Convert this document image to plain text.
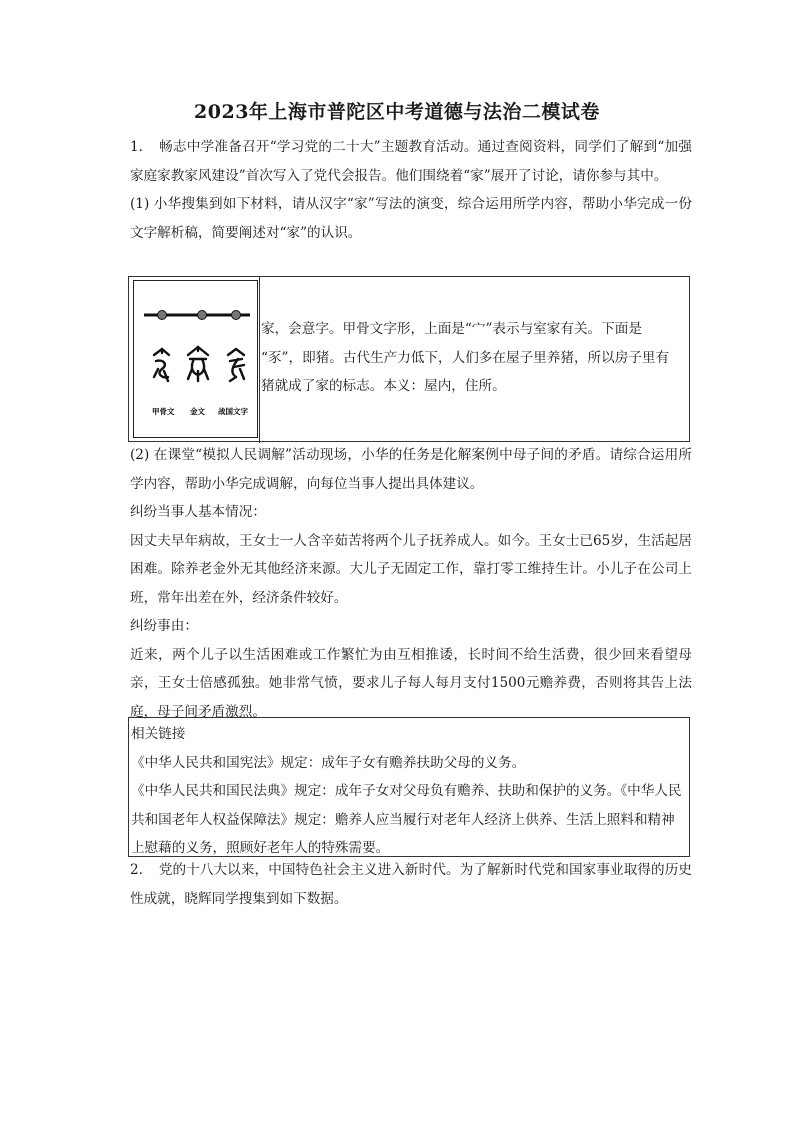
2023年上海市普陀区中考道德与法治二模试卷

1. 畅志中学准备召开“学习党的二十大”主题教育活动。通过查阅资料，同学们了解到“加强家庭家教家风建设”首次写入了党代会报告。他们围绕着“家”展开了讨论，请你参与其中。

(1) 小华搜集到如下材料，请从汉字“家”写法的演变，综合运用所学内容，帮助小华完成一份文字解析稿，简要阐述对“家”的认识。

甲骨文 金文 战国文字
家，会意字。甲骨文字形，上面是“宀”表示与室家有关。下面是
“豕”，即猪。古代生产力低下，人们多在屋子里养猪，所以房子里有
猪就成了家的标志。本义：屋内，住所。

(2) 在课堂“模拟人民调解”活动现场，小华的任务是化解案例中母子间的矛盾。请综合运用所学内容，帮助小华完成调解，向每位当事人提出具体建议。

纠纷当事人基本情况：

因丈夫早年病故，王女士一人含辛茹苦将两个儿子抚养成人。如今。王女士已65岁，生活起居困难。除养老金外无其他经济来源。大儿子无固定工作，靠打零工维持生计。小儿子在公司上班，常年出差在外，经济条件较好。

纠纷事由：

近来，两个儿子以生活困难或工作繁忙为由互相推诿，长时间不给生活费，很少回来看望母亲，王女士倍感孤独。她非常气愤，要求儿子每人每月支付1500元赡养费，否则将其告上法庭，母子间矛盾激烈。

相关链接

《中华人民共和国宪法》规定：成年子女有赡养扶助父母的义务。

《中华人民共和国民法典》规定：成年子女对父母负有赡养、扶助和保护的义务。《中华人民共和国老年人权益保障法》规定：赡养人应当履行对老年人经济上供养、生活上照料和精神上慰藉的义务，照顾好老年人的特殊需要。

2. 党的十八大以来，中国特色社会主义进入新时代。为了解新时代党和国家事业取得的历史性成就，晓辉同学搜集到如下数据。
